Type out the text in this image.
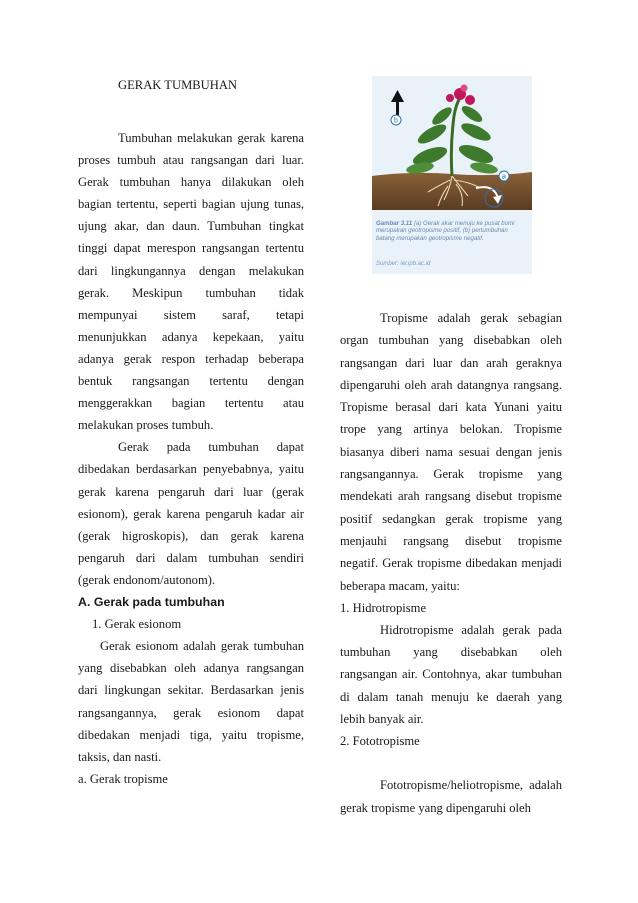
GERAK TUMBUHAN

Tumbuhan melakukan gerak karena proses tumbuh atau rangsangan dari luar. Gerak tumbuhan hanya dilakukan oleh bagian tertentu, seperti bagian ujung tunas, ujung akar, dan daun. Tumbuhan tingkat tinggi dapat merespon rangsangan tertentu dari lingkungannya dengan melakukan gerak. Meskipun tumbuhan tidak mempunyai sistem saraf, tetapi menunjukkan adanya kepekaan, yaitu adanya gerak respon terhadap beberapa bentuk rangsangan tertentu dengan menggerakkan bagian tertentu atau melakukan proses tumbuh.

Gerak pada tumbuhan dapat dibedakan berdasarkan penyebabnya, yaitu gerak karena pengaruh dari luar (gerak esionom), gerak karena pengaruh kadar air (gerak higroskopis), dan gerak karena pengaruh dari dalam tumbuhan sendiri (gerak endonom/autonom).

A. Gerak pada tumbuhan

1. Gerak esionom

Gerak esionom adalah gerak tumbuhan yang disebabkan oleh adanya rangsangan dari lingkungan sekitar. Berdasarkan jenis rangsangannya, gerak esionom dapat dibedakan menjadi tiga, yaitu tropisme, taksis, dan nasti.

a. Gerak tropisme

b
a
Gambar 3.11 (a) Gerak akar menuju ke pusat bumi merupakan geotropisme positif, (b) pertumbuhan batang merupakan geotropisme negatif.
Sumber: iel.ipb.ac.id

Tropisme adalah gerak sebagian organ tumbuhan yang disebabkan oleh rangsangan dari luar dan arah geraknya dipengaruhi oleh arah datangnya rangsang. Tropisme berasal dari kata Yunani yaitu trope yang artinya belokan. Tropisme biasanya diberi nama sesuai dengan jenis rangsangannya. Gerak tropisme yang mendekati arah rangsang disebut tropisme positif sedangkan gerak tropisme yang menjauhi rangsang disebut tropisme negatif. Gerak tropisme dibedakan menjadi beberapa macam, yaitu:

1. Hidrotropisme

Hidrotropisme adalah gerak pada tumbuhan yang disebabkan oleh rangsangan air. Contohnya, akar tumbuhan di dalam tanah menuju ke daerah yang lebih banyak air.

2. Fototropisme

Fototropisme/heliotropisme, adalah gerak tropisme yang dipengaruhi oleh
